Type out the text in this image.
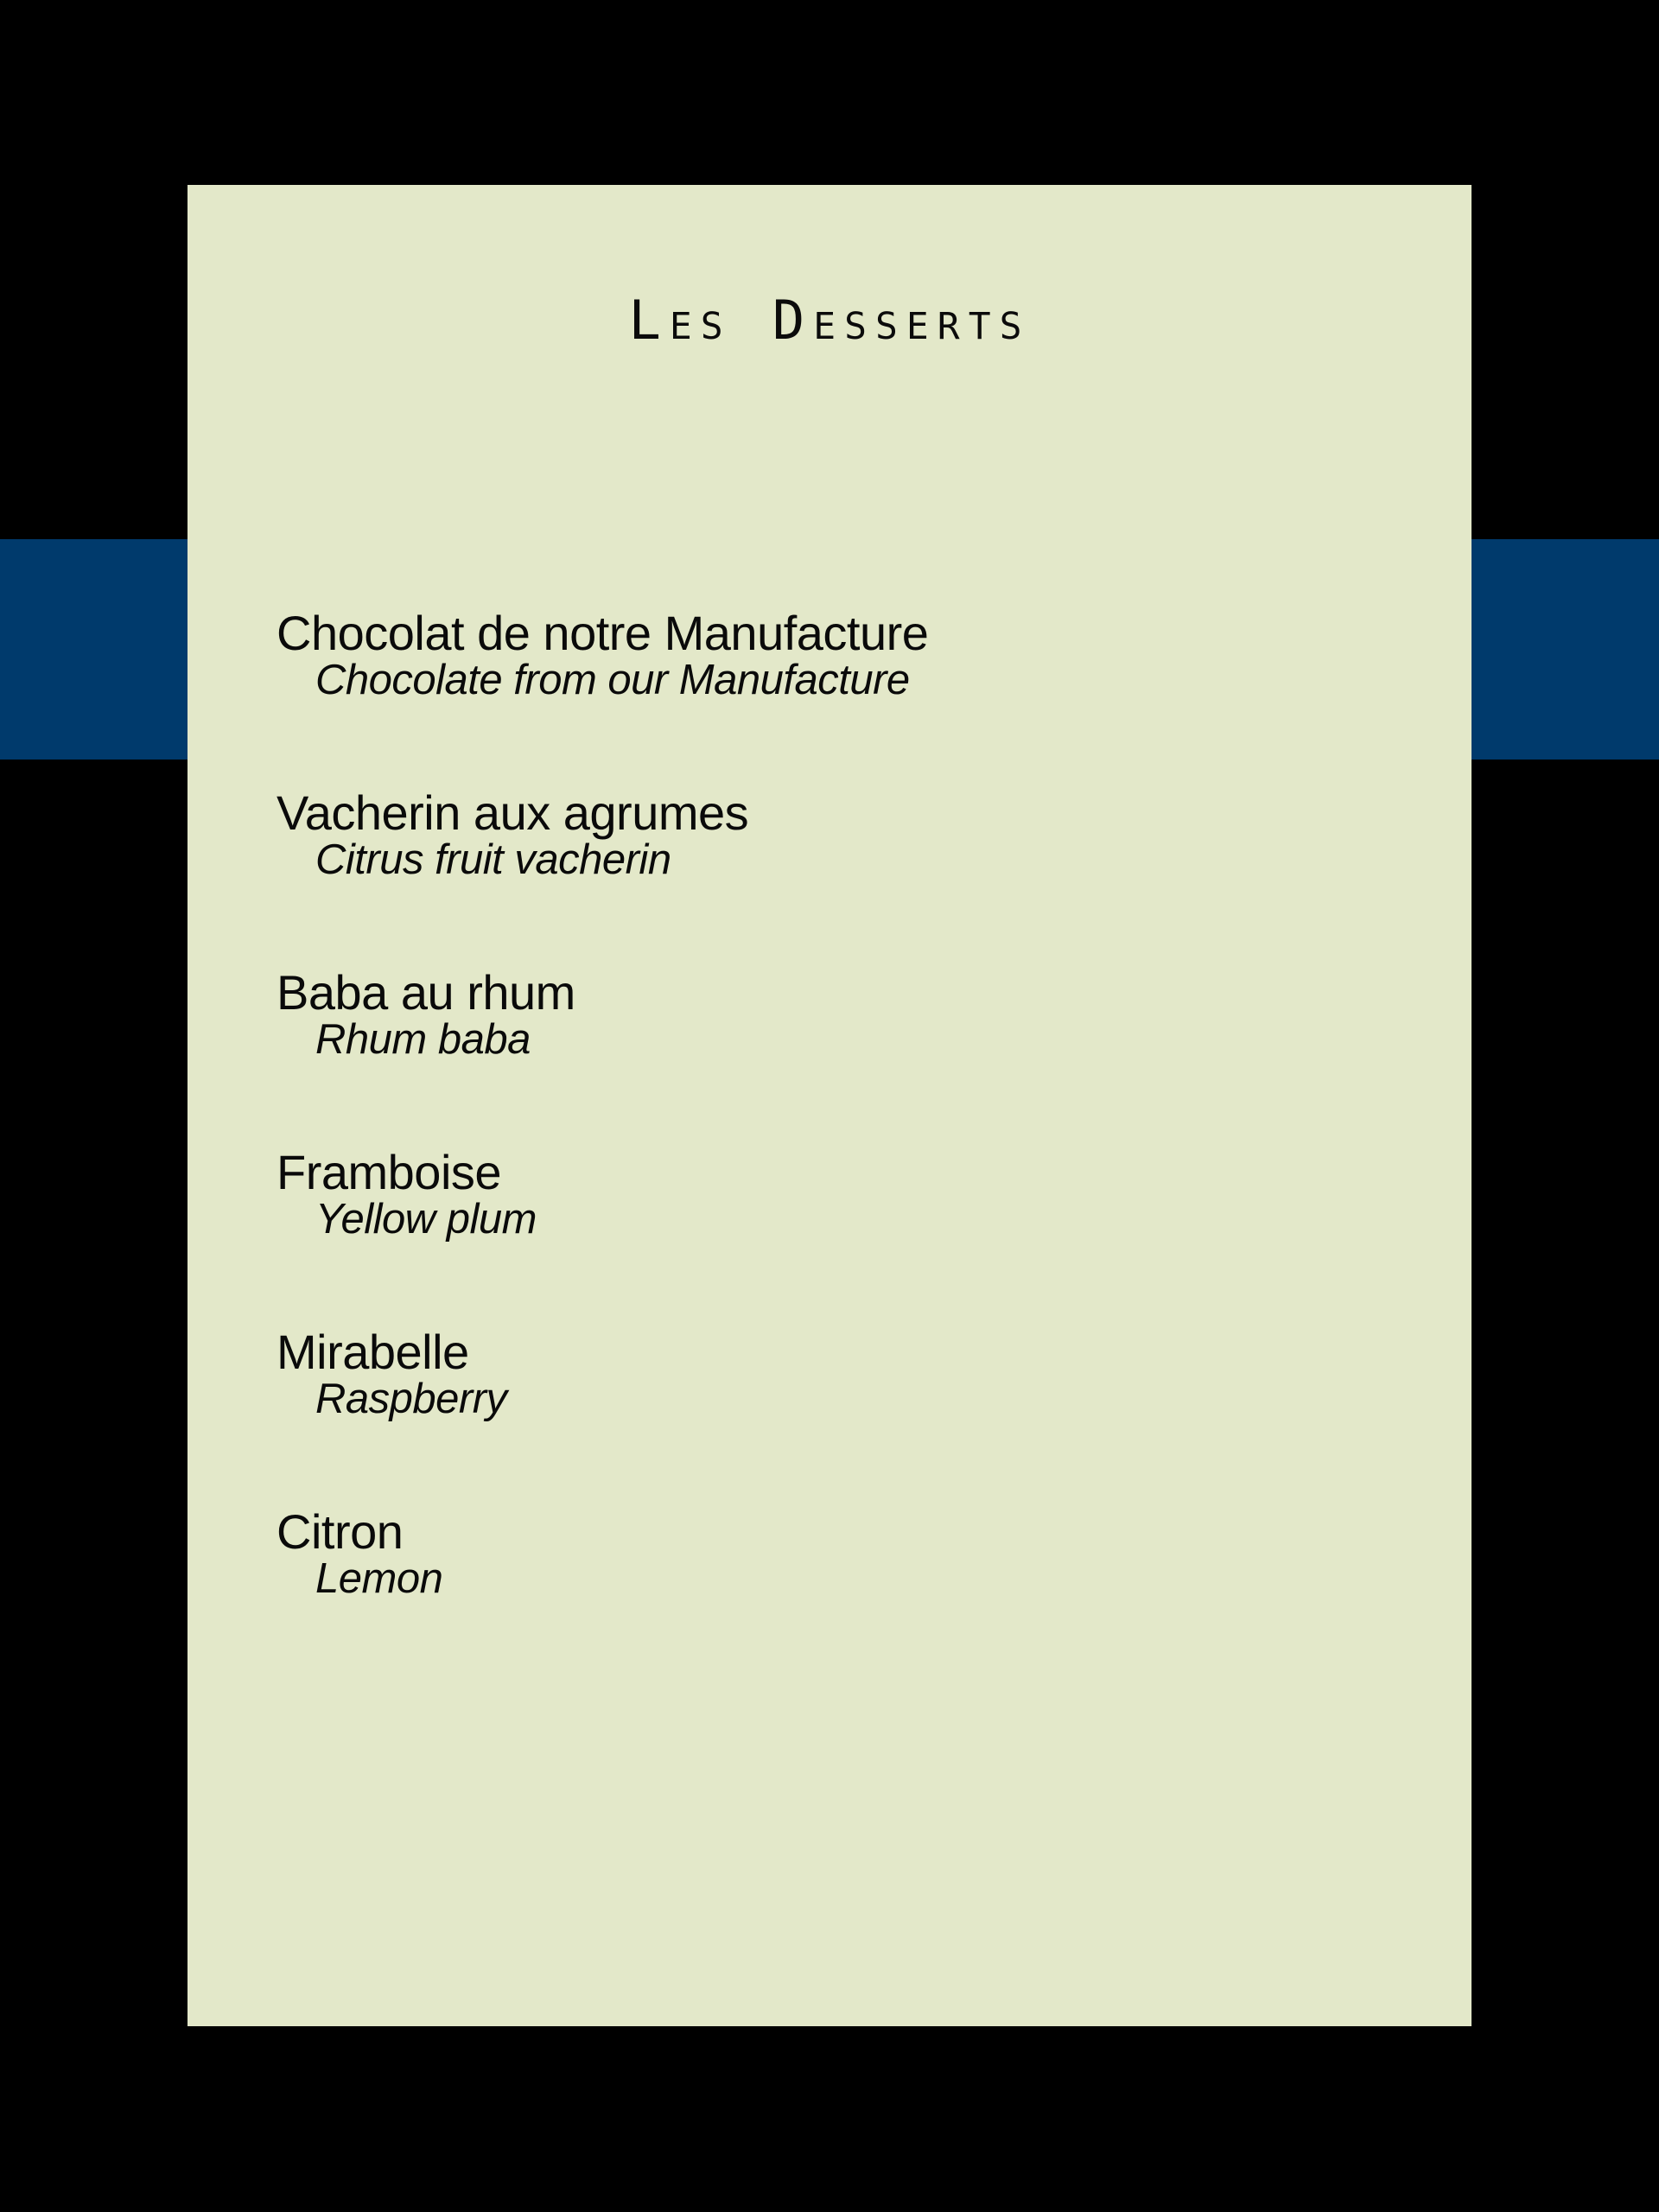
Les Desserts
Chocolat de notre Manufacture
Chocolate from our Manufacture
Vacherin aux agrumes
Citrus fruit vacherin
Baba au rhum
Rhum baba
Framboise
Yellow plum
Mirabelle
Raspberry
Citron
Lemon
